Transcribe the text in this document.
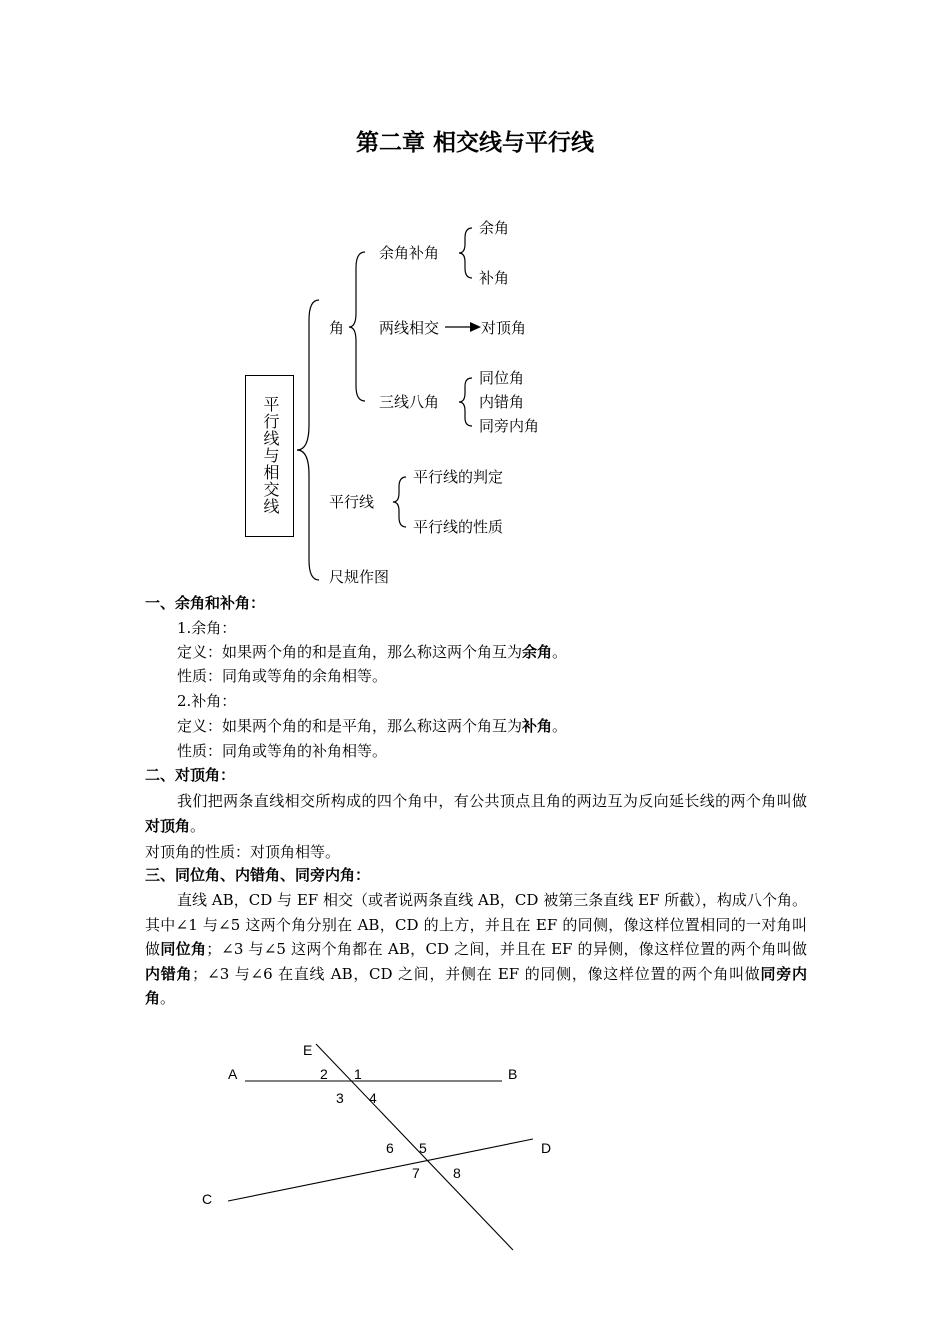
第二章 相交线与平行线
平行线与相交线
角
余角补角
余角
补角
两线相交	对顶角
三线八角
同位角
内错角
同旁内角
平行线
平行线的判定
平行线的性质
尺规作图
一、余角和补角：
1.余角：
定义：如果两个角的和是直角，那么称这两个角互为余角。
性质：同角或等角的余角相等。
2.补角：
定义：如果两个角的和是平角，那么称这两个角互为补角。
性质：同角或等角的补角相等。
二、对顶角：
我们把两条直线相交所构成的四个角中，有公共顶点且角的两边互为反向延长线的两个角叫做对顶角。
对顶角的性质：对顶角相等。
三、同位角、内错角、同旁内角：
直线 AB，CD 与 EF 相交（或者说两条直线 AB，CD 被第三条直线 EF 所截），构成八个角。其中∠1 与∠5 这两个角分别在 AB，CD 的上方，并且在 EF 的同侧，像这样位置相同的一对角叫做同位角；∠3 与∠5 这两个角都在 AB，CD 之间，并且在 EF 的异侧，像这样位置的两个角叫做内错角；∠3 与∠6 在直线 AB，CD 之间，并侧在 EF 的同侧，像这样位置的两个角叫做同旁内角。
E
A	B
C
D
1
2
3 4
5
6
7 8
